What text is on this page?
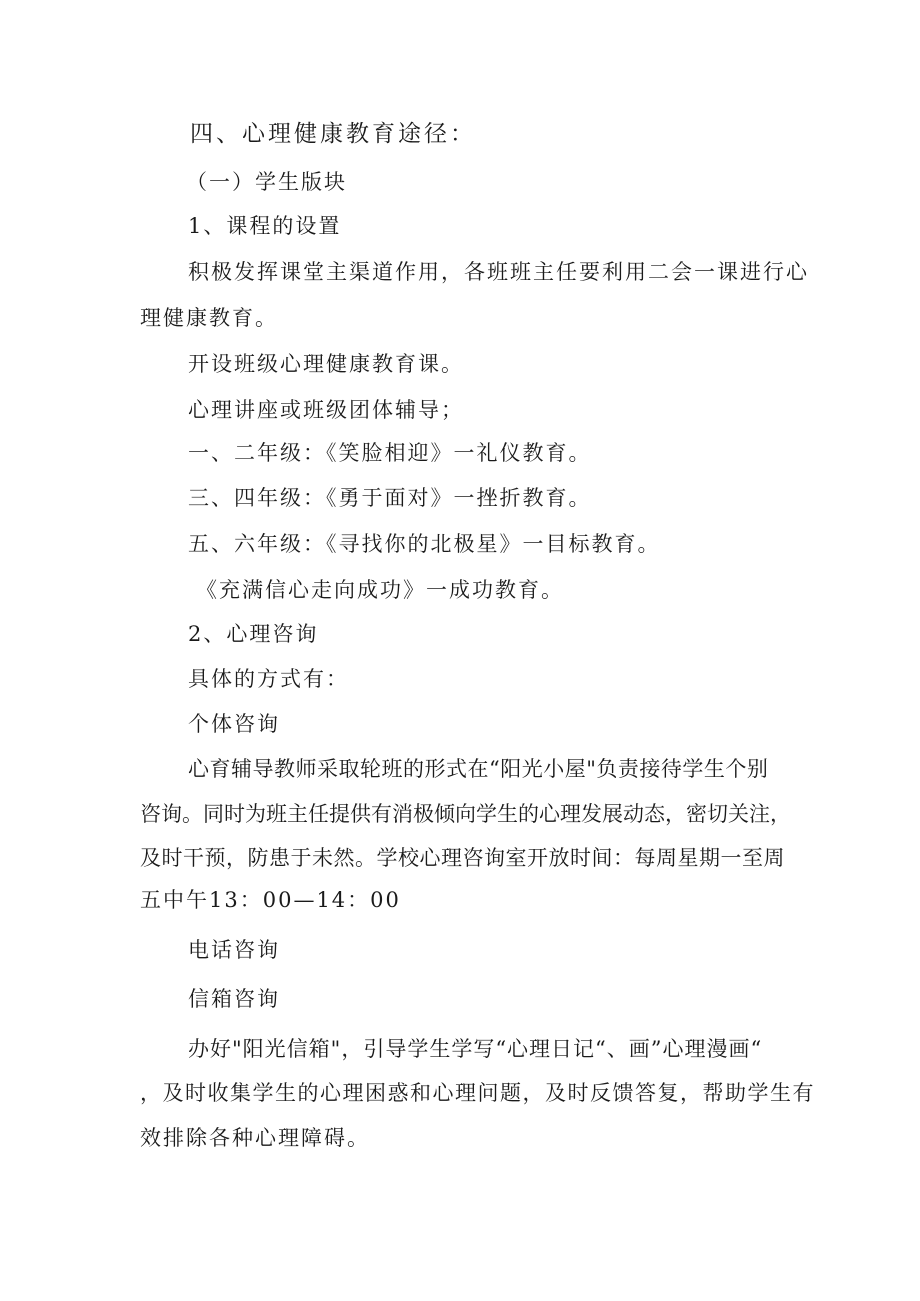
四、心理健康教育途径：
（一）学生版块
1、课程的设置
积极发挥课堂主渠道作用，各班班主任要利用二会一课进行心
理健康教育。
开设班级心理健康教育课。
心理讲座或班级团体辅导；
一、二年级：《笑脸相迎》一礼仪教育。
三、四年级：《勇于面对》一挫折教育。
五、六年级：《寻找你的北极星》一目标教育。
《充满信心走向成功》一成功教育。
2、心理咨询
具体的方式有：
个体咨询
心育辅导教师采取轮班的形式在“阳光小屋"负责接待学生个别
咨询。同时为班主任提供有消极倾向学生的心理发展动态，密切关注，
及时干预，防患于未然。学校心理咨询室开放时间：每周星期一至周
五中午13：00—14：00
电话咨询
信箱咨询
办好"阳光信箱"，引导学生学写“心理日记“、画”心理漫画“
，及时收集学生的心理困惑和心理问题，及时反馈答复，帮助学生有
效排除各种心理障碍。
